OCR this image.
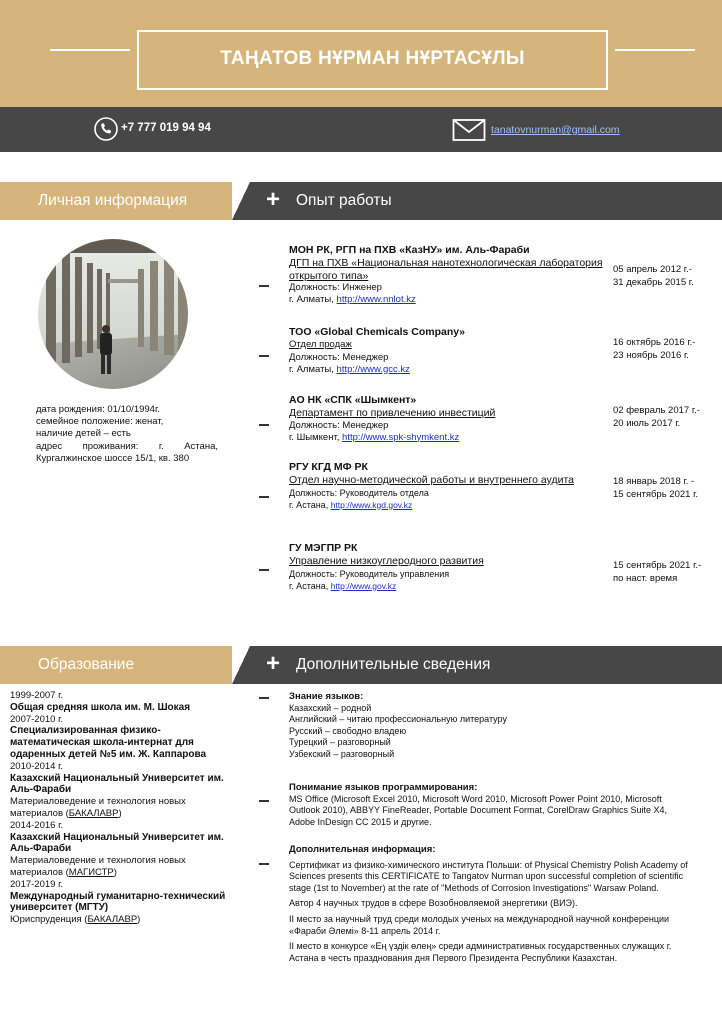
ТАҢАТОВ НҰРМАН НҰРТАСҰЛЫ
+7 777 019 94 94	tanatovnurman@gmail.com
Личная информация	+ Опыт работы
дата рождения: 01/10/1994г.
семейное положение: женат,
наличие детей – есть
адрес проживания: г. Астана, Кургалжинское шоссе 15/1, кв. 380
МОН РК, РГП на ПХВ «КазНУ» им. Аль-Фараби
ДГП на ПХВ «Национальная нанотехнологическая лаборатория открытого типа»
Должность: Инженер
г. Алматы, http://www.nnlot.kz
05 апрель 2012 г.-
31 декабрь 2015 г.
ТОО «Global Chemicals Company»
Отдел продаж
Должность: Менеджер
г. Алматы, http://www.gcc.kz
16 октябрь 2016 г.-
23 ноябрь 2016 г.
АО НК «СПК «Шымкент»
Департамент по привлечению инвестиций
Должность: Менеджер
г. Шымкент, http://www.spk-shymkent.kz
02 февраль 2017 г.-
20 июль 2017 г.
РГУ КГД МФ РК
Отдел научно-методической работы и внутреннего аудита
Должность: Руководитель отдела
г. Астана, http://www.kgd.gov.kz
18 январь 2018 г. -
15 сентябрь 2021 г.
ГУ МЭГПР РК
Управление низкоуглеродного развития
Должность: Руководитель управления
г. Астана, http://www.gov.kz
15 сентябрь 2021 г.-
по наст. время
Образование	+ Дополнительные сведения
1999-2007 г.
Общая средняя школа им. М. Шокая
2007-2010 г.
Специализированная физико-математическая школа-интернат для одаренных детей №5 им. Ж. Каппарова
2010-2014 г.
Казахский Национальный Университет им. Аль-Фараби
Материаловедение и технология новых материалов (БАКАЛАВР)
2014-2016 г.
Казахский Национальный Университет им. Аль-Фараби
Материаловедение и технология новых материалов (МАГИСТР)
2017-2019 г.
Международный гуманитарно-технический университет (МГТУ)
Юриспруденция (БАКАЛАВР)
Знание языков:
Казахский – родной
Английский – читаю профессиональную литературу
Русский – свободно владею
Турецкий – разговорный
Узбекский – разговорный
Понимание языков программирования:
MS Office (Microsoft Excel 2010, Microsoft Word 2010, Microsoft Power Point 2010, Microsoft Outlook 2010), ABBYY FineReader, Portable Document Format, CorelDraw Graphics Suite X4, Adobe InDesign CC 2015 и другие.

Дополнительная информация:

Сертификат из физико-химического института Польши: of Physical Chemistry Polish Academy of Sciences presents this CERTIFICATE to Tangatov Nurman upon successful completion of scientific stage (1st to November) at the rate of "Methods of Corrosion Investigations" Warsaw Poland.

Автор 4 научных трудов в сфере Возобновляемой энергетики (ВИЭ).

II место за научный труд среди молодых ученых на международной научной конференции «Фараби Әлемі» 8-11 апрель 2014 г.

II место в конкурсе «Ең үздік өлең» среди административных государственных служащих г. Астана в честь празднования дня Первого Президента Республики Казахстан.
